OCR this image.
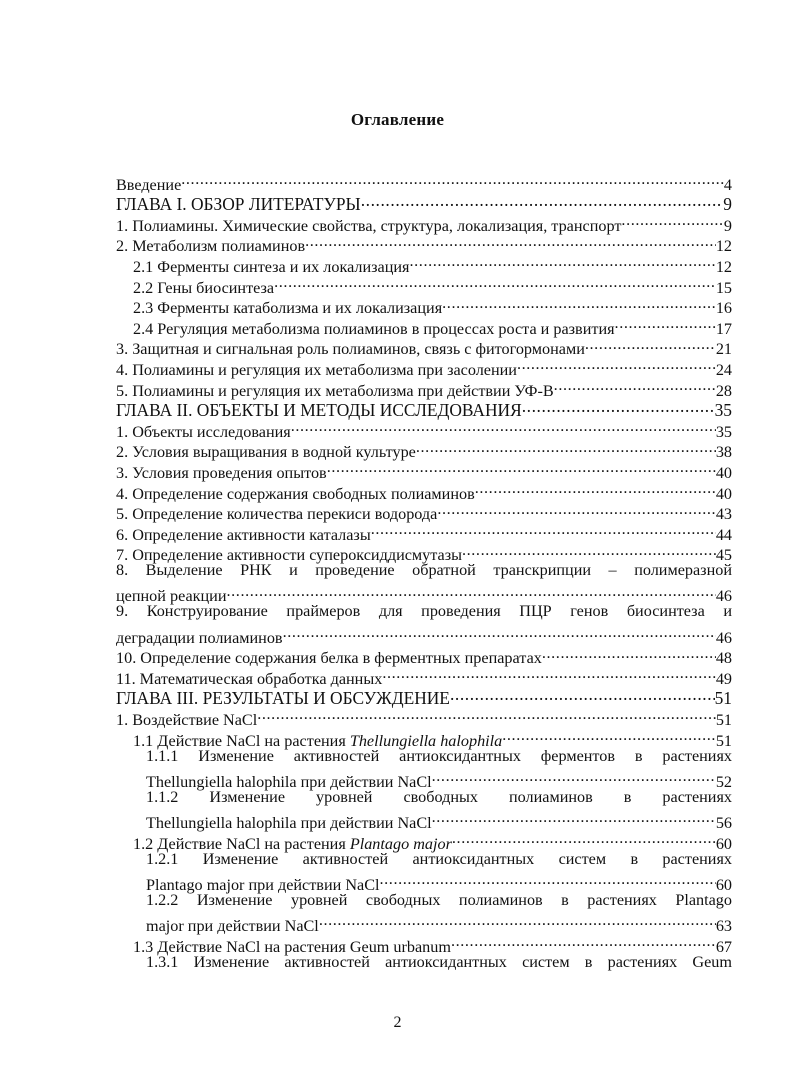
Оглавление
Введение .....	4
ГЛАВА I. ОБЗОР ЛИТЕРАТУРЫ .....	9
1. Полиамины. Химические свойства, структура, локализация, транспорт .....	9
2. Метаболизм полиаминов .....	12
2.1 Ферменты синтеза и их локализация .....	12
2.2 Гены биосинтеза .....	15
2.3 Ферменты катаболизма и их локализация .....	16
2.4 Регуляция метаболизма полиаминов в процессах роста и развития .....	17
3. Защитная и сигнальная роль полиаминов, связь с фитогормонами .....	21
4. Полиамины и регуляция их метаболизма при засолении .....	24
5. Полиамины и регуляция их метаболизма при действии УФ-В .....	28
ГЛАВА II. ОБЪЕКТЫ И МЕТОДЫ ИССЛЕДОВАНИЯ .....	35
1. Объекты исследования .....	35
2. Условия выращивания в водной культуре .....	38
3. Условия проведения опытов .....	40
4. Определение содержания свободных полиаминов .....	40
5. Определение количества перекиси водорода .....	43
6. Определение активности каталазы .....	44
7. Определение активности супероксиддисмутазы .....	45
8. Выделение РНК и проведение обратной транскрипции – полимеразной
цепной реакции .....	46
9. Конструирование праймеров для проведения ПЦР генов биосинтеза и
деградации полиаминов .....	46
10. Определение содержания белка в ферментных препаратах .....	48
11. Математическая обработка данных .....	49
ГЛАВА III. РЕЗУЛЬТАТЫ И ОБСУЖДЕНИЕ .....	51
1. Воздействие NaCl .....	51
1.1 Действие NaCl на растения Thellungiella halophila .....	51
1.1.1 Изменение активностей антиоксидантных ферментов в растениях
Thellungiella halophila при действии NaCl .....	52
1.1.2 Изменение уровней свободных полиаминов в растениях
Thellungiella halophila при действии NaCl .....	56
1.2 Действие NaCl на растения Plantago major .....	60
1.2.1 Изменение активностей антиоксидантных систем в растениях
Plantago major при действии NaCl .....	60
1.2.2 Изменение уровней свободных полиаминов в растениях Plantago
major при действии NaCl .....	63
1.3 Действие NaCl на растения Geum urbanum .....	67
1.3.1 Изменение активностей антиоксидантных систем в растениях Geum
2
